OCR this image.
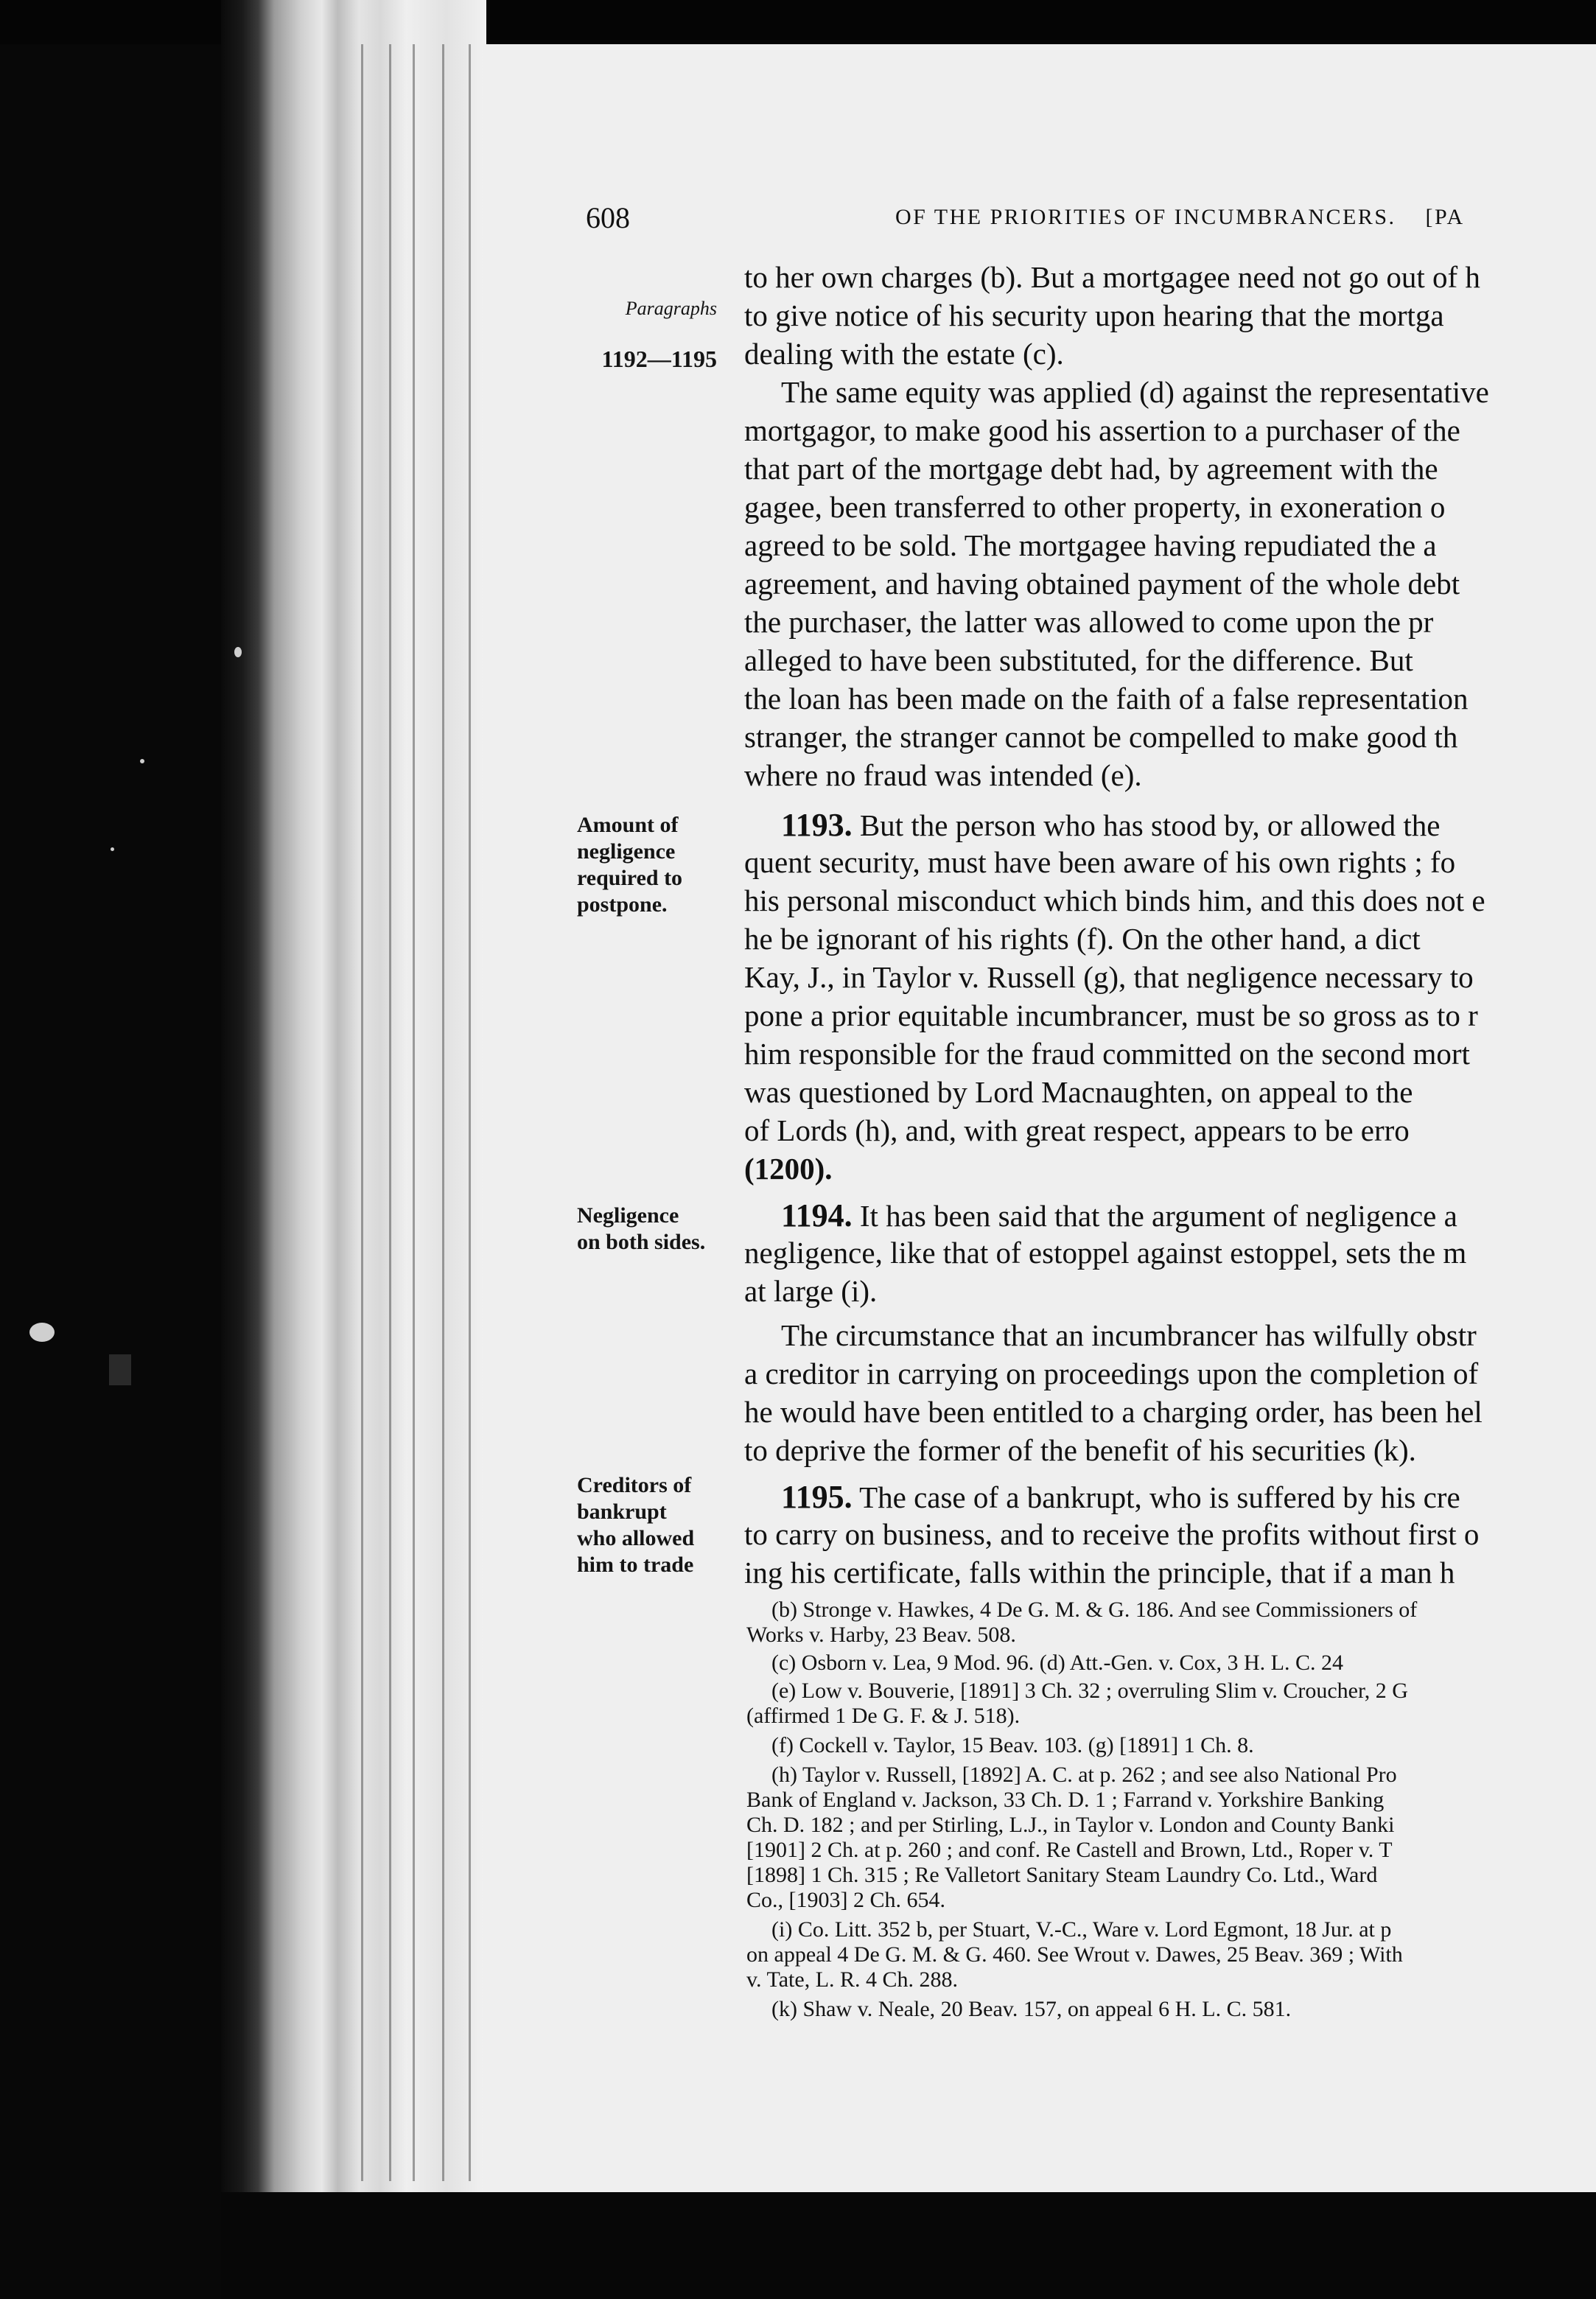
608	OF THE PRIORITIES OF INCUMBRANCERS. [PA

Paragraphs

1192—1195

Amount of
negligence
required to
postpone.
Negligence
on both sides.
Creditors of
bankrupt
who allowed
him to trade
to her own charges (b). But a mortgagee need not go out of h
to give notice of his security upon hearing that the mortga
dealing with the estate (c).
The same equity was applied (d) against the representative
mortgagor, to make good his assertion to a purchaser of the
that part of the mortgage debt had, by agreement with the
gagee, been transferred to other property, in exoneration o
agreed to be sold. The mortgagee having repudiated the a
agreement, and having obtained payment of the whole debt
the purchaser, the latter was allowed to come upon the pr
alleged to have been substituted, for the difference. But
the loan has been made on the faith of a false representation
stranger, the stranger cannot be compelled to make good th
where no fraud was intended (e).
1193. But the person who has stood by, or allowed the
quent security, must have been aware of his own rights ; fo
his personal misconduct which binds him, and this does not e
he be ignorant of his rights (f). On the other hand, a dict
Kay, J., in Taylor v. Russell (g), that negligence necessary to
pone a prior equitable incumbrancer, must be so gross as to r
him responsible for the fraud committed on the second mort
was questioned by Lord Macnaughten, on appeal to the
of Lords (h), and, with great respect, appears to be erro
(1200).
1194. It has been said that the argument of negligence a
negligence, like that of estoppel against estoppel, sets the m
at large (i).
The circumstance that an incumbrancer has wilfully obstr
a creditor in carrying on proceedings upon the completion of
he would have been entitled to a charging order, has been hel
to deprive the former of the benefit of his securities (k).
1195. The case of a bankrupt, who is suffered by his cre
to carry on business, and to receive the profits without first o
ing his certificate, falls within the principle, that if a man h
(b) Stronge v. Hawkes, 4 De G. M. & G. 186. And see Commissioners of
Works v. Harby, 23 Beav. 508.
(c) Osborn v. Lea, 9 Mod. 96. (d) Att.-Gen. v. Cox, 3 H. L. C. 24
(e) Low v. Bouverie, [1891] 3 Ch. 32 ; overruling Slim v. Croucher, 2 G
(affirmed 1 De G. F. & J. 518).
(f) Cockell v. Taylor, 15 Beav. 103. (g) [1891] 1 Ch. 8.
(h) Taylor v. Russell, [1892] A. C. at p. 262 ; and see also National Pro
Bank of England v. Jackson, 33 Ch. D. 1 ; Farrand v. Yorkshire Banking
Ch. D. 182 ; and per Stirling, L.J., in Taylor v. London and County Banki
[1901] 2 Ch. at p. 260 ; and conf. Re Castell and Brown, Ltd., Roper v. T
[1898] 1 Ch. 315 ; Re Valletort Sanitary Steam Laundry Co. Ltd., Ward
Co., [1903] 2 Ch. 654.
(i) Co. Litt. 352 b, per Stuart, V.-C., Ware v. Lord Egmont, 18 Jur. at p
on appeal 4 De G. M. & G. 460. See Wrout v. Dawes, 25 Beav. 369 ; With
v. Tate, L. R. 4 Ch. 288.
(k) Shaw v. Neale, 20 Beav. 157, on appeal 6 H. L. C. 581.
